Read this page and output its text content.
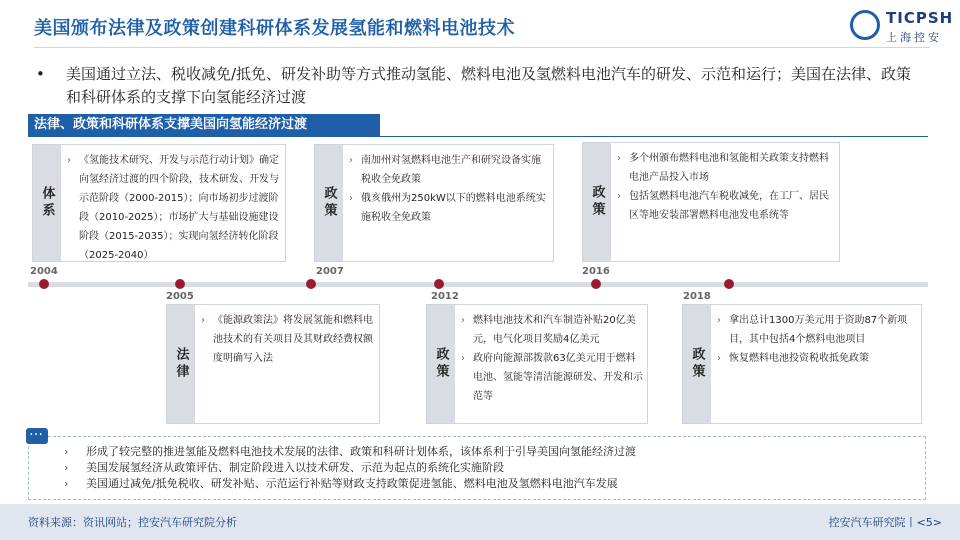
美国颁布法律及政策创建科研体系发展氢能和燃料电池技术	TICPSH
上海控安
• 美国通过立法、税收减免/抵免、研发补助等方式推动氢能、燃料电池及氢燃料电池汽车的研发、示范和运行；美国在法律、政策和科研体系的支撑下向氢能经济过渡
法律、政策和科研体系支撑美国向氢能经济过渡
体系
› 《氢能技术研究、开发与示范行动计划》确定向氢经济过渡的四个阶段，技术研发、开发与示范阶段（2000-2015）；向市场初步过渡阶段（2010-2025）；市场扩大与基础设施建设阶段（2015-2035）；实现向氢经济转化阶段（2025-2040）
政策
› 南加州对氢燃料电池生产和研究设备实施税收全免政策
› 俄亥俄州为250kW以下的燃料电池系统实施税收全免政策	政策
› 多个州颁布燃料电池和氢能相关政策支持燃料电池产品投入市场
› 包括氢燃料电池汽车税收减免，在工厂、居民区等地安装部署燃料电池发电系统等
2004
2005
2007
2012
2016
2018
法律
› 《能源政策法》将发展氢能和燃料电池技术的有关项目及其财政经费权额度明确写入法	政策
› 燃料电池技术和汽车制造补贴20亿美元，电气化项目奖励4亿美元
› 政府向能源部拨款63亿美元用于燃料电池、氢能等清洁能源研发、开发和示范等
政策
› 拿出总计1300万美元用于资助87个新项目，其中包括4个燃料电池项目
› 恢复燃料电池投资税收抵免政策
…
› 形成了较完整的推进氢能及燃料电池技术发展的法律、政策和科研计划体系，该体系利于引导美国向氢能经济过渡
› 美国发展氢经济从政策评估、制定阶段进入以技术研发、示范为起点的系统化实施阶段
› 美国通过减免/抵免税收、研发补贴、示范运行补贴等财政支持政策促进氢能、燃料电池及氢燃料电池汽车发展
资料来源：资讯网站；控安汽车研究院分析	控安汽车研究院丨<5>
